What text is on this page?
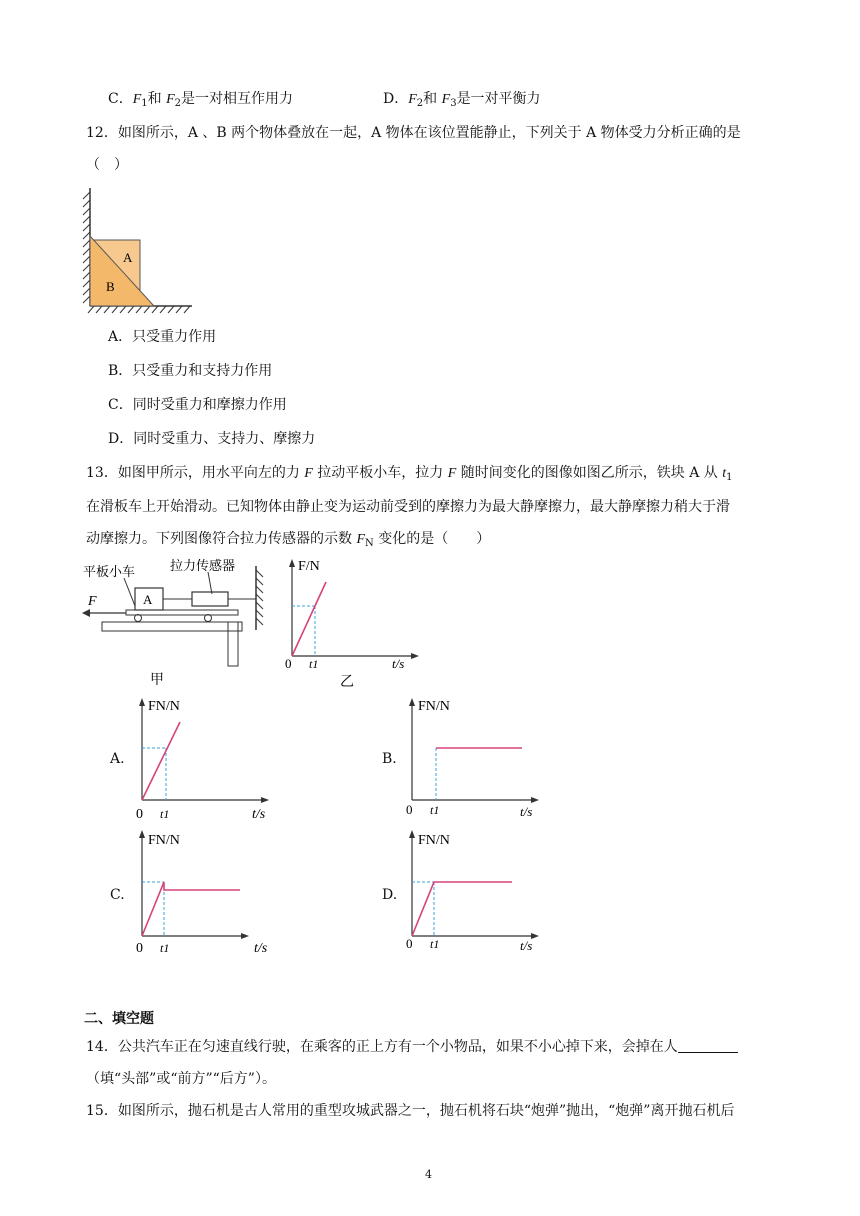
C．$F_1$和 $F_2$是一对相互作用力	D．$F_2$和 $F_3$是一对平衡力
12．如图所示，A 、B 两个物体叠放在一起，A 物体在该位置能静止，下列关于 A 物体受力分析正确的是
（　）
A
B
A．只受重力作用
B．只受重力和支持力作用
C．同时受重力和摩擦力作用
D．同时受重力、支持力、摩擦力
13．如图甲所示，用水平向左的力 F 拉动平板小车，拉力 F 随时间变化的图像如图乙所示，铁块 A 从 $t_1$
在滑板车上开始滑动。已知物体由静止变为运动前受到的摩擦力为最大静摩擦力，最大静摩擦力稍大于滑
动摩擦力。下列图像符合拉力传感器的示数 $F_N$ 变化的是（　　）
平板小车	拉力传感器
A
F
甲
F/N
t/s
0 t1
乙
A.
FN/N
t/s
0 t1
B.
FN/N
t/s
0 t1
C.
FN/N
t/s
0 t1
D.
FN/N
t/s
0 t1
二、填空题
14．公共汽车正在匀速直线行驶，在乘客的正上方有一个小物品，如果不小心掉下来，会掉在人
（填“头部”或“前方”“后方”）。
15．如图所示，抛石机是古人常用的重型攻城武器之一，抛石机将石块“炮弹”抛出，“炮弹”离开抛石机后
4
